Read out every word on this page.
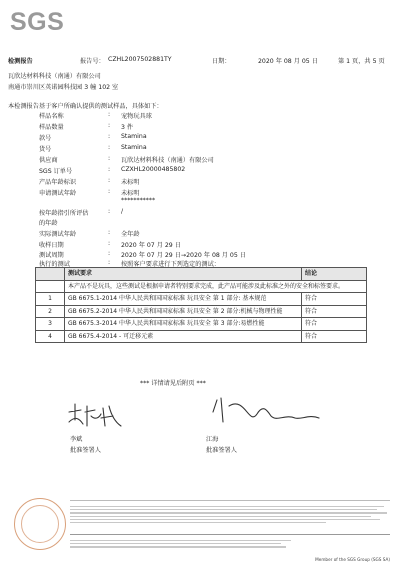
SGS
检测报告	报告号： CZHL2007502881TY	日期：	2020 年 08 月 05 日	第 1 页，共 5 页
瓦欣达材料科技（南通）有限公司
南通市崇川区英诺园科技园 3 幢 102 室
本检测报告基于客户所确认提供的测试样品，具体如下：
样品名称	: 宠物玩具球
样品数量	: 3 件
款号	: Stamina
货号	: Stamina
供应商	: 瓦欣达材料科技（南通）有限公司
SGS 订单号	: CZXHL20000485802
产品年龄标识	: 未标明
申请测试年龄	: 未标明
***********
按年龄指引所评估	: /
的年龄
实际测试年龄	: 全年龄
收样日期	: 2020 年 07 月 29 日
测试周期	: 2020 年 07 月 29 日→2020 年 08 月 05 日
执行的测试	: 按照客户要求进行下列选定的测试：
	测试要求	结论
	本产品不是玩具，这些测试是根据申请者特别要求完成，此产品可能涉及此标准之外的安全和标签要求。	
1	GB 6675.1-2014 中华人民共和国国家标准 玩具安全 第 1 部分: 基本规范	符合
2	GB 6675.2-2014 中华人民共和国国家标准 玩具安全 第 2 部分:机械与物理性能	符合
3	GB 6675.3-2014 中华人民共和国国家标准 玩具安全 第 3 部分:易燃性能	符合
4	GB 6675.4-2014 - 可迁移元素	符合
*** 详情请见后附页 ***
李斌
批准签署人
江海
批准签署人
Member of the SGS Group (SGS SA)
